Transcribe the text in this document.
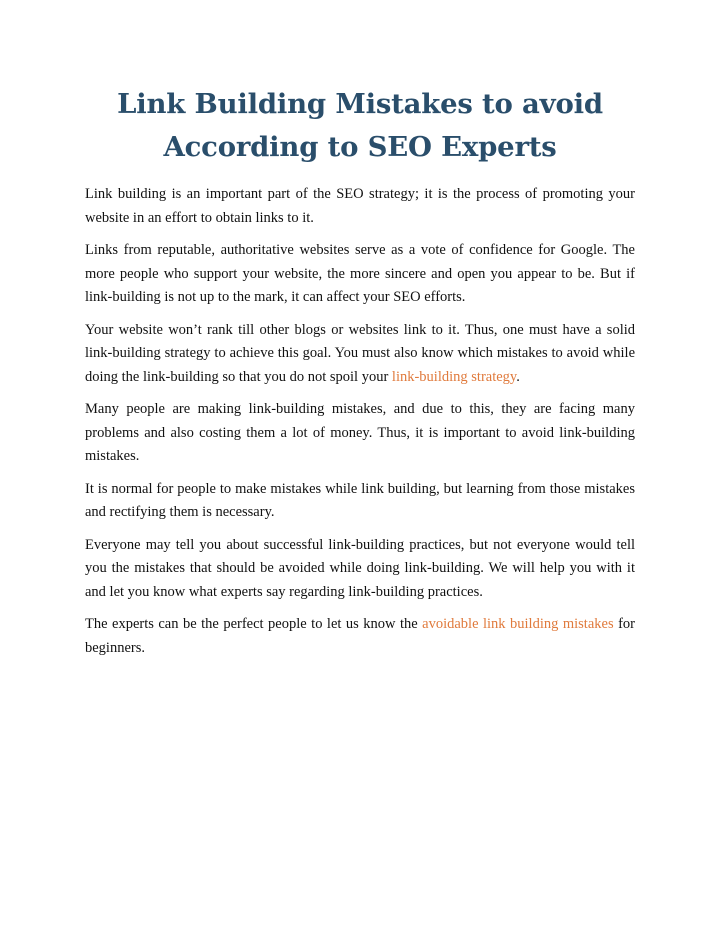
Link Building Mistakes to avoid
According to SEO Experts

Link building is an important part of the SEO strategy; it is the process of promoting your website in an effort to obtain links to it.

Links from reputable, authoritative websites serve as a vote of confidence for Google. The more people who support your website, the more sincere and open you appear to be. But if link-building is not up to the mark, it can affect your SEO efforts.

Your website won’t rank till other blogs or websites link to it. Thus, one must have a solid link-building strategy to achieve this goal. You must also know which mistakes to avoid while doing the link-building so that you do not spoil your link-building strategy.

Many people are making link-building mistakes, and due to this, they are facing many problems and also costing them a lot of money. Thus, it is important to avoid link-building mistakes.

It is normal for people to make mistakes while link building, but learning from those mistakes and rectifying them is necessary.

Everyone may tell you about successful link-building practices, but not everyone would tell you the mistakes that should be avoided while doing link-building. We will help you with it and let you know what experts say regarding link-building practices.

The experts can be the perfect people to let us know the avoidable link building mistakes for beginners.
